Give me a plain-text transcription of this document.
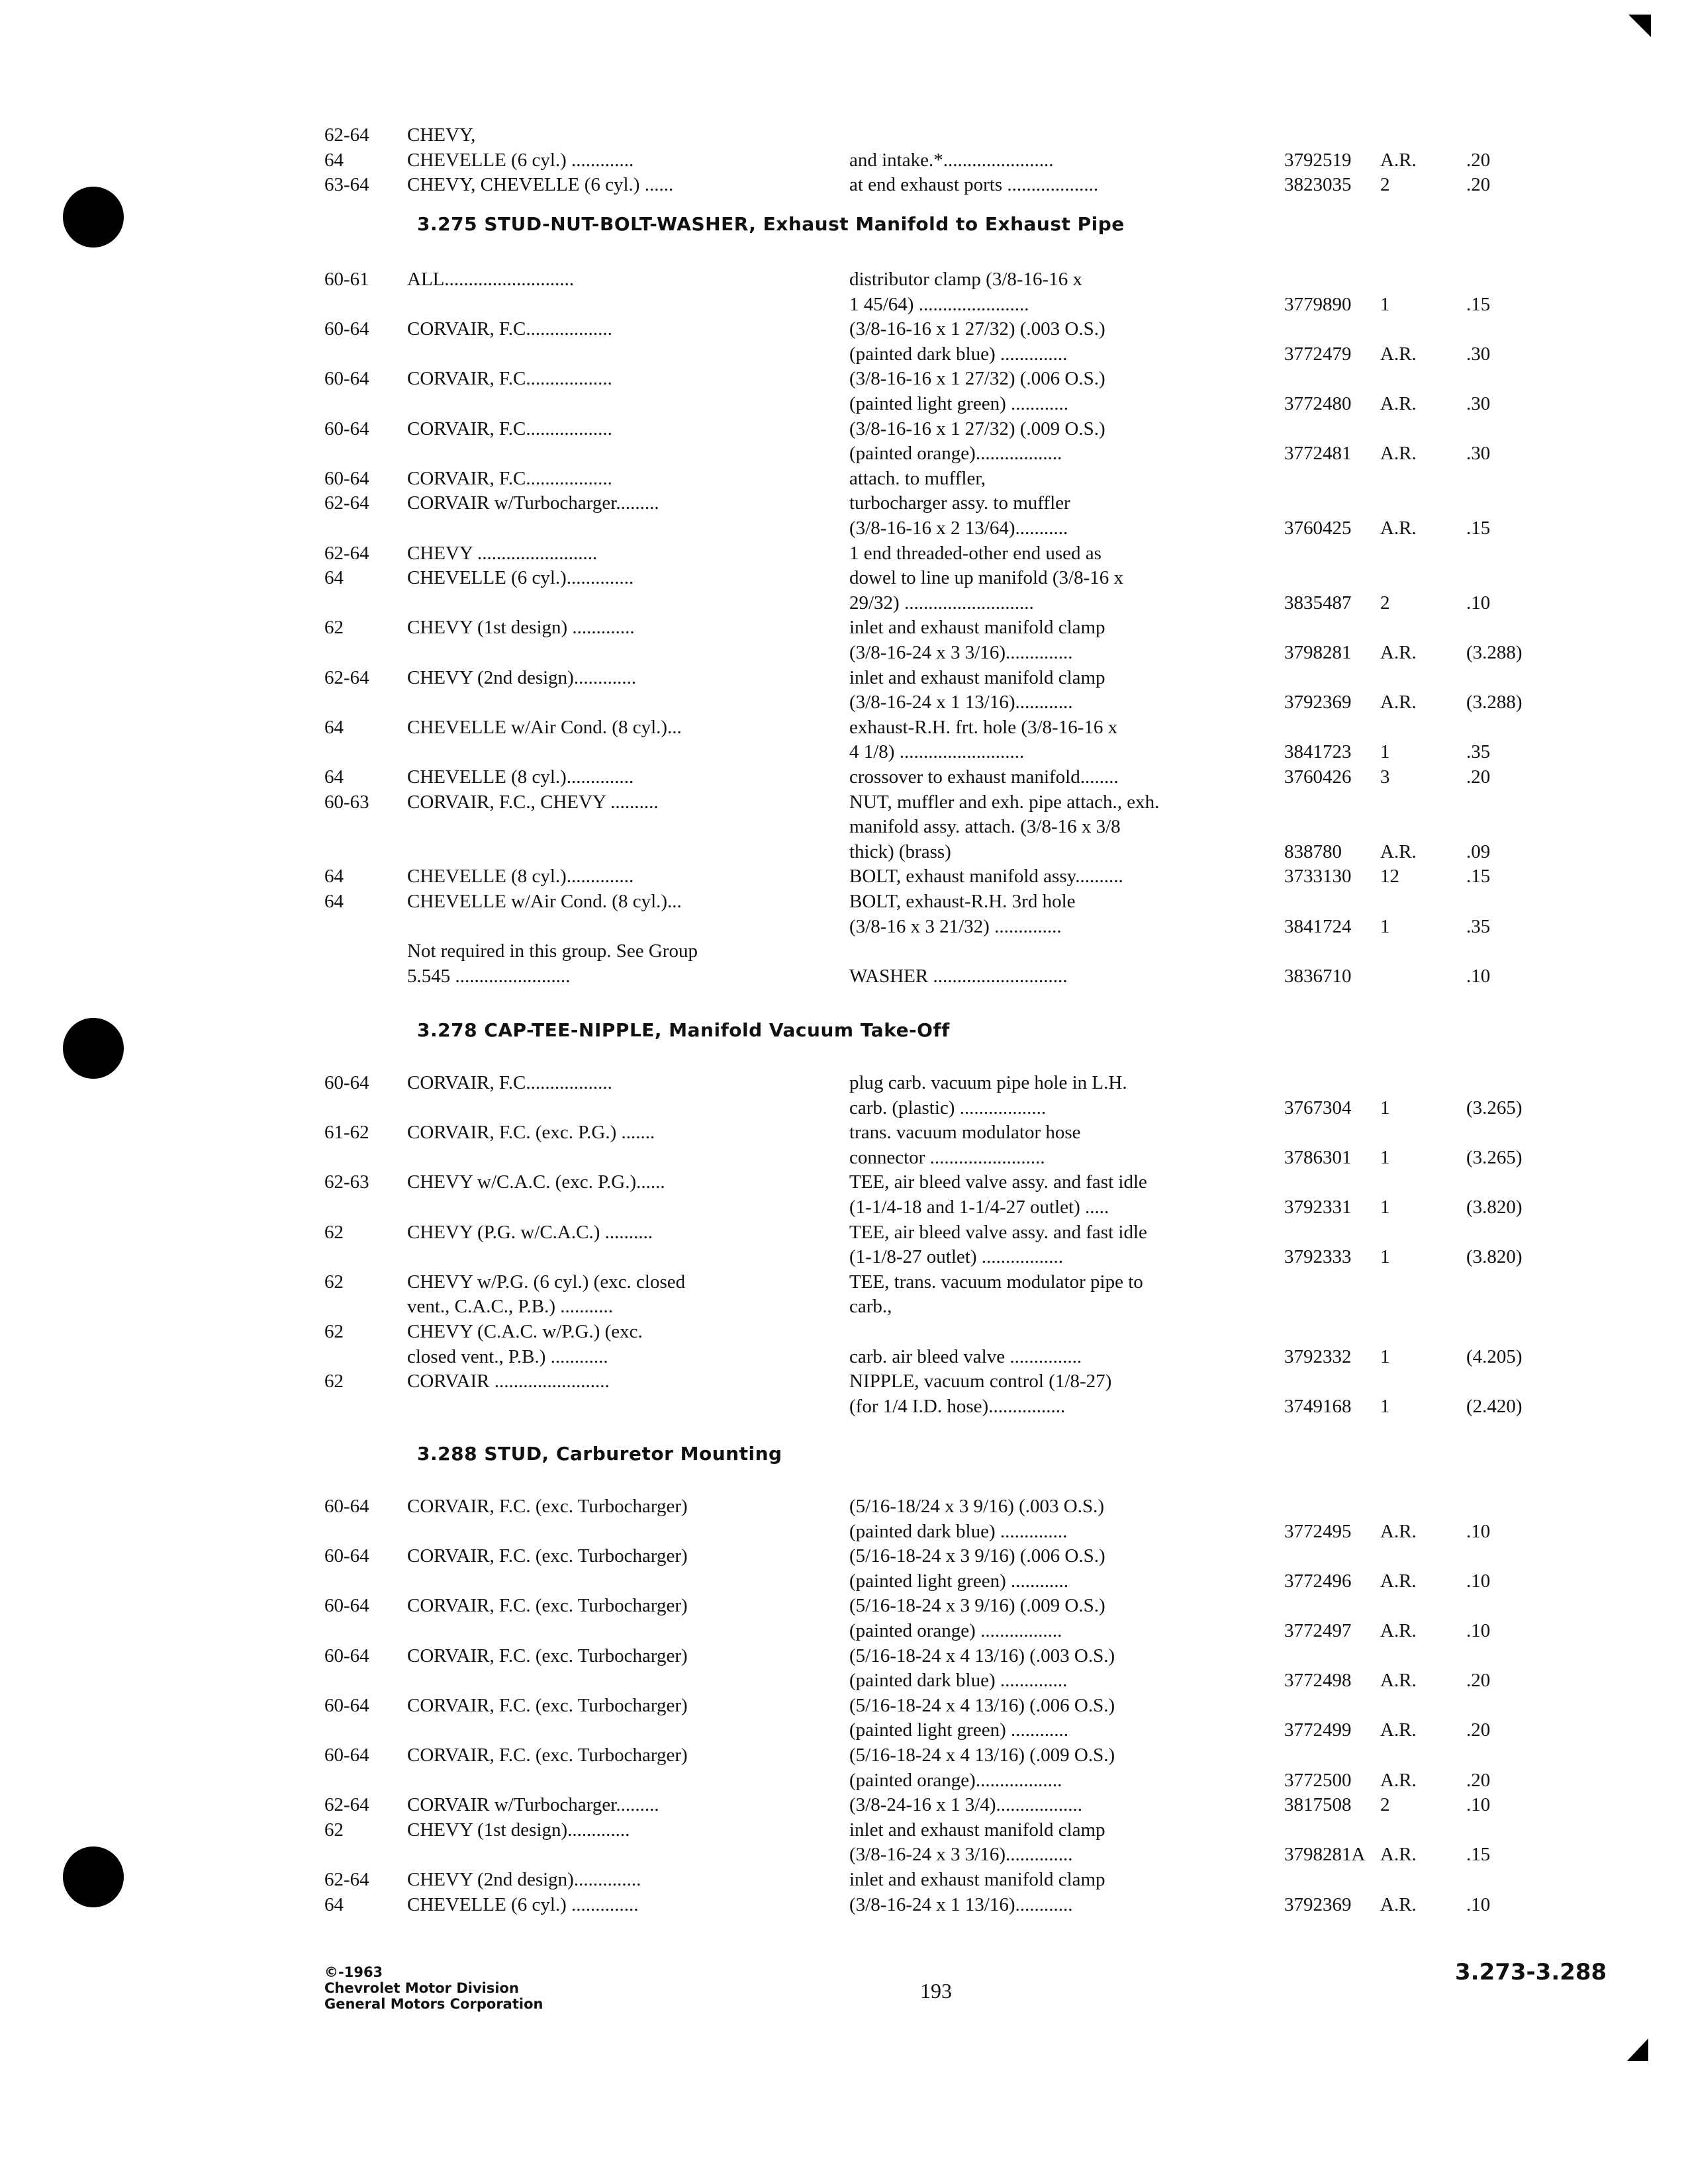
62-64 CHEVY,
64	CHEVELLE (6 cyl.) .............	and intake.*.......................	3792519 A.R.	.20
63-64 CHEVY, CHEVELLE (6 cyl.) ......	at end exhaust ports ...................	3823035 2	.20
3.275 STUD-NUT-BOLT-WASHER, Exhaust Manifold to Exhaust Pipe
60-61 ALL...........................	distributor clamp (3/8-16-16 x
1 45/64) .......................	3779890 1	.15
60-64 CORVAIR, F.C..................	(3/8-16-16 x 1 27/32) (.003 O.S.)
(painted dark blue) ..............	3772479 A.R.	.30
60-64 CORVAIR, F.C..................	(3/8-16-16 x 1 27/32) (.006 O.S.)
(painted light green) ............	3772480 A.R.	.30
60-64 CORVAIR, F.C..................	(3/8-16-16 x 1 27/32) (.009 O.S.)
(painted orange)..................	3772481 A.R.	.30
60-64 CORVAIR, F.C..................	attach. to muffler,
62-64 CORVAIR w/Turbocharger.........	turbocharger assy. to muffler
(3/8-16-16 x 2 13/64)...........	3760425 A.R.	.15
62-64 CHEVY .........................	1 end threaded-other end used as
64	CHEVELLE (6 cyl.)..............	dowel to line up manifold (3/8-16 x
29/32) ...........................	3835487 2	.10
62	CHEVY (1st design) .............	inlet and exhaust manifold clamp
(3/8-16-24 x 3 3/16)..............	3798281 A.R.	(3.288)
62-64 CHEVY (2nd design).............	inlet and exhaust manifold clamp
(3/8-16-24 x 1 13/16)............	3792369 A.R.	(3.288)
64	CHEVELLE w/Air Cond. (8 cyl.)...	exhaust-R.H. frt. hole (3/8-16-16 x
4 1/8) ..........................	3841723 1	.35
64	CHEVELLE (8 cyl.)..............	crossover to exhaust manifold........	3760426 3	.20
60-63 CORVAIR, F.C., CHEVY ..........	NUT, muffler and exh. pipe attach., exh.
manifold assy. attach. (3/8-16 x 3/8
thick) (brass)	838780 A.R.	.09
64	CHEVELLE (8 cyl.)..............	BOLT, exhaust manifold assy..........	3733130 12	.15
64	CHEVELLE w/Air Cond. (8 cyl.)...	BOLT, exhaust-R.H. 3rd hole
(3/8-16 x 3 21/32) ..............	3841724 1	.35
Not required in this group. See Group
5.545 ........................	WASHER ............................	3836710	.10
3.278 CAP-TEE-NIPPLE, Manifold Vacuum Take-Off
60-64 CORVAIR, F.C..................	plug carb. vacuum pipe hole in L.H.
carb. (plastic) ..................	3767304 1	(3.265)
61-62 CORVAIR, F.C. (exc. P.G.) .......	trans. vacuum modulator hose
connector ........................	3786301 1	(3.265)
62-63 CHEVY w/C.A.C. (exc. P.G.)......	TEE, air bleed valve assy. and fast idle
(1-1/4-18 and 1-1/4-27 outlet) .....	3792331 1	(3.820)
62	CHEVY (P.G. w/C.A.C.) ..........	TEE, air bleed valve assy. and fast idle
(1-1/8-27 outlet) .................	3792333 1	(3.820)
62	CHEVY w/P.G. (6 cyl.) (exc. closed	TEE, trans. vacuum modulator pipe to
vent., C.A.C., P.B.) ...........	carb.,
62	CHEVY (C.A.C. w/P.G.) (exc.
closed vent., P.B.) ............	carb. air bleed valve ...............	3792332 1	(4.205)
62	CORVAIR ........................	NIPPLE, vacuum control (1/8-27)
(for 1/4 I.D. hose)................	3749168 1	(2.420)
3.288 STUD, Carburetor Mounting
60-64 CORVAIR, F.C. (exc. Turbocharger)	(5/16-18/24 x 3 9/16) (.003 O.S.)
(painted dark blue) ..............	3772495 A.R.	.10
60-64 CORVAIR, F.C. (exc. Turbocharger)	(5/16-18-24 x 3 9/16) (.006 O.S.)
(painted light green) ............	3772496 A.R.	.10
60-64 CORVAIR, F.C. (exc. Turbocharger)	(5/16-18-24 x 3 9/16) (.009 O.S.)
(painted orange) .................	3772497 A.R.	.10
60-64 CORVAIR, F.C. (exc. Turbocharger)	(5/16-18-24 x 4 13/16) (.003 O.S.)
(painted dark blue) ..............	3772498 A.R.	.20
60-64 CORVAIR, F.C. (exc. Turbocharger)	(5/16-18-24 x 4 13/16) (.006 O.S.)
(painted light green) ............	3772499 A.R.	.20
60-64 CORVAIR, F.C. (exc. Turbocharger)	(5/16-18-24 x 4 13/16) (.009 O.S.)
(painted orange)..................	3772500 A.R.	.20
62-64 CORVAIR w/Turbocharger.........	(3/8-24-16 x 1 3/4)..................	3817508 2	.10
62	CHEVY (1st design).............	inlet and exhaust manifold clamp
(3/8-16-24 x 3 3/16)..............	3798281A A.R.	.15
62-64 CHEVY (2nd design)..............	inlet and exhaust manifold clamp
64	CHEVELLE (6 cyl.) ..............	(3/8-16-24 x 1 13/16)............	3792369 A.R.	.10
©-1963
Chevrolet Motor Division
General Motors Corporation
193
3.273-3.288
